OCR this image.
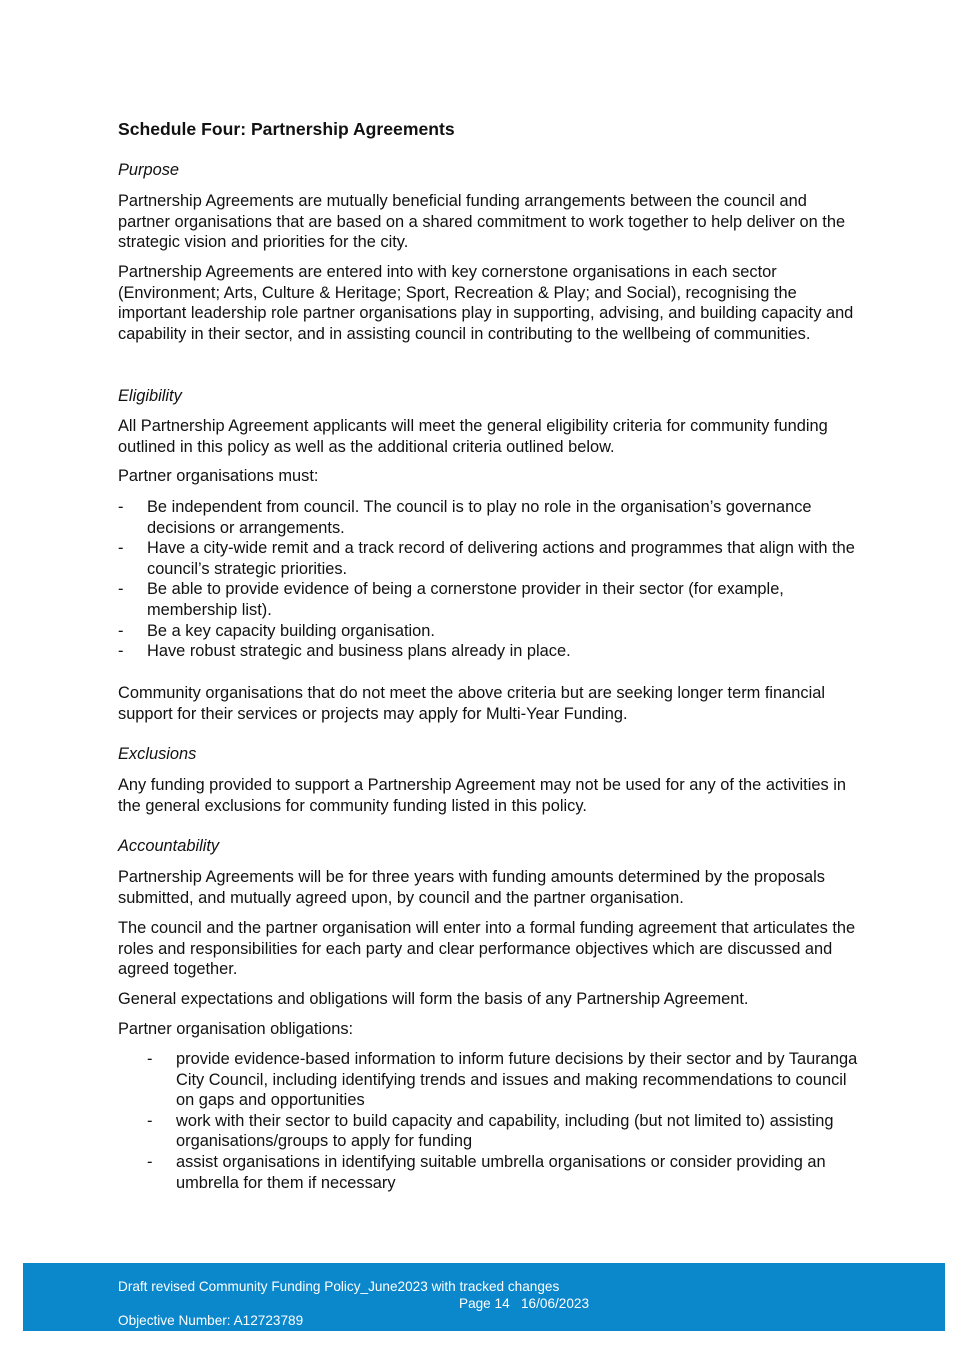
Schedule Four: Partnership Agreements

Purpose

Partnership Agreements are mutually beneficial funding arrangements between the council and partner organisations that are based on a shared commitment to work together to help deliver on the strategic vision and priorities for the city.

Partnership Agreements are entered into with key cornerstone organisations in each sector (Environment; Arts, Culture & Heritage; Sport, Recreation & Play; and Social), recognising the important leadership role partner organisations play in supporting, advising, and building capacity and capability in their sector, and in assisting council in contributing to the wellbeing of communities.

Eligibility

All Partnership Agreement applicants will meet the general eligibility criteria for community funding outlined in this policy as well as the additional criteria outlined below.

Partner organisations must:

- Be independent from council. The council is to play no role in the organisation’s governance decisions or arrangements.
- Have a city-wide remit and a track record of delivering actions and programmes that align with the council’s strategic priorities.
- Be able to provide evidence of being a cornerstone provider in their sector (for example, membership list).
- Be a key capacity building organisation.
- Have robust strategic and business plans already in place.

Community organisations that do not meet the above criteria but are seeking longer term financial support for their services or projects may apply for Multi-Year Funding.

Exclusions

Any funding provided to support a Partnership Agreement may not be used for any of the activities in the general exclusions for community funding listed in this policy.

Accountability

Partnership Agreements will be for three years with funding amounts determined by the proposals submitted, and mutually agreed upon, by council and the partner organisation.

The council and the partner organisation will enter into a formal funding agreement that articulates the roles and responsibilities for each party and clear performance objectives which are discussed and agreed together.

General expectations and obligations will form the basis of any Partnership Agreement.

Partner organisation obligations:

- provide evidence-based information to inform future decisions by their sector and by Tauranga City Council, including identifying trends and issues and making recommendations to council on gaps and opportunities
- work with their sector to build capacity and capability, including (but not limited to) assisting organisations/groups to apply for funding
- assist organisations in identifying suitable umbrella organisations or consider providing an umbrella for them if necessary
Draft revised Community Funding Policy_June2023 with tracked changes
Page 14 16/06/2023
Objective Number: A12723789
